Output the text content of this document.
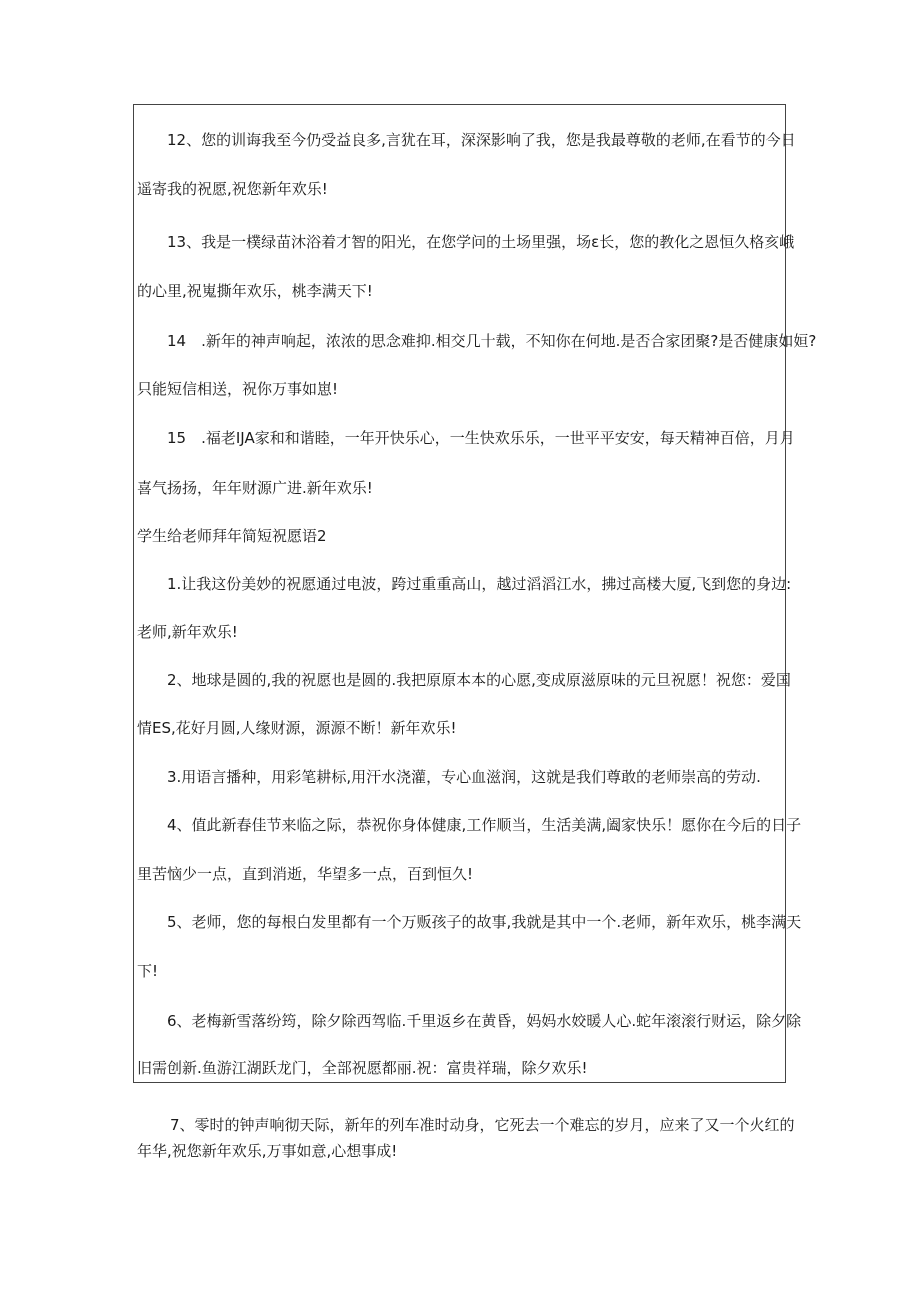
12、您的训诲我至今仍受益良多,言犹在耳，深深影响了我，您是我最尊敬的老师,在看节的今日

遥寄我的祝愿,祝您新年欢乐!

13、我是一樸绿苗沐浴着才智的阳光，在您学问的土场里强，场ε长，您的教化之恩恒久格亥峨

的心里,祝嵬撕年欢乐，桃李满天下!

14　.新年的神声响起，浓浓的思念难抑.相交几十载，不知你在何地.是否合家团聚?是否健康如姮?

只能短信相送，祝你万事如崽!

15　.福老IJA家和和谐睦，一年开快乐心，一生快欢乐乐，一世平平安安，每天精神百倍，月月

喜气扬扬，年年财源广进.新年欢乐!

学生给老师拜年简短祝愿语2

1.让我这份美妙的祝愿通过电波，跨过重重高山，越过滔滔江水，拂过高楼大厦,飞到您的身边:

老师,新年欢乐!

2、地球是圆的,我的祝愿也是圆的.我把原原本本的心愿,变成原滋原味的元旦祝愿！祝您：爱国

情ES,花好月圆,人缘财源，源源不断！新年欢乐!

3.用语言播种，用彩笔耕标,用汗水浇灌，专心血滋润，这就是我们尊敢的老师崇高的劳动.

4、值此新春佳节来临之际，恭祝你身体健康,工作顺当，生活美满,阖家快乐！愿你在今后的日子

里苦恼少一点，直到消逝，华望多一点，百到恒久!

5、老师，您的每根白发里都有一个万贩孩子的故事,我就是其中一个.老师，新年欢乐，桃李满天

下!

6、老梅新雪落纷筠，除夕除西驾临.千里返乡在黄昏，妈妈水姣暖人心.蛇年滚滚行财运，除夕除

旧需创新.鱼游江湖跃龙门，全部祝愿都丽.祝：富贵祥瑞，除夕欢乐!

7、零时的钟声响彻天际，新年的列车准时动身，它死去一个难忘的岁月，应来了又一个火红的

年华,祝您新年欢乐,万事如意,心想事成!
